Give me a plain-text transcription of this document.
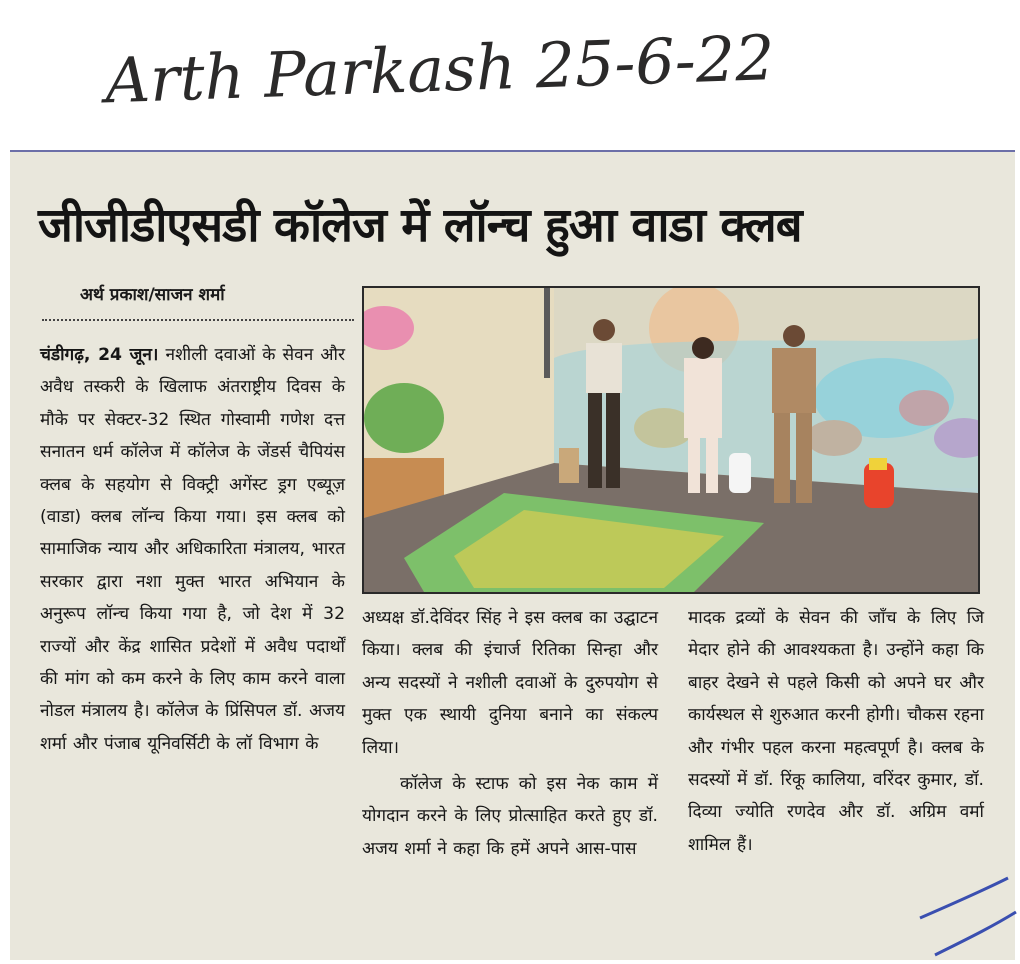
Arth Parkash 25-6-22
जीजीडीएसडी कॉलेज में लॉन्च हुआ वाडा क्लब
अर्थ प्रकाश/साजन शर्मा

चंडीगढ़, 24 जून। नशीली दवाओं के सेवन और अवैध तस्करी के खिलाफ अंतराष्ट्रीय दिवस के मौके पर सेक्टर-32 स्थित गोस्वामी गणेश दत्त सनातन धर्म कॉलेज में कॉलेज के जेंडर्स चैपियंस क्लब के सहयोग से विक्ट्री अगेंस्ट ड्रग एब्यूज़ (वाडा) क्लब लॉन्च किया गया। इस क्लब को सामाजिक न्याय और अधिकारिता मंत्रालय, भारत सरकार द्वारा नशा मुक्त भारत अभियान के अनुरूप लॉन्च किया गया है, जो देश में 32 राज्यों और केंद्र शासित प्रदेशों में अवैध पदार्थों की मांग को कम करने के लिए काम करने वाला नोडल मंत्रालय है। कॉलेज के प्रिंसिपल डॉ. अजय शर्मा और पंजाब यूनिवर्सिटी के लॉ विभाग के

अध्यक्ष डॉ.देविंदर सिंह ने इस क्लब का उद्घाटन किया। क्लब की इंचार्ज रितिका सिन्हा और अन्य सदस्यों ने नशीली दवाओं के दुरुपयोग से मुक्त एक स्थायी दुनिया बनाने का संकल्प लिया।
कॉलेज के स्टाफ को इस नेक काम में योगदान करने के लिए प्रोत्साहित करते हुए डॉ. अजय शर्मा ने कहा कि हमें अपने आस-पास

मादक द्रव्यों के सेवन की जाँच के लिए जि मेदार होने की आवश्यकता है। उन्होंने कहा कि बाहर देखने से पहले किसी को अपने घर और कार्यस्थल से शुरुआत करनी होगी। चौकस रहना और गंभीर पहल करना महत्वपूर्ण है। क्लब के सदस्यों में डॉ. रिंकू कालिया, वरिंदर कुमार, डॉ. दिव्या ज्योति रणदेव और डॉ. अग्रिम वर्मा शामिल हैं।
